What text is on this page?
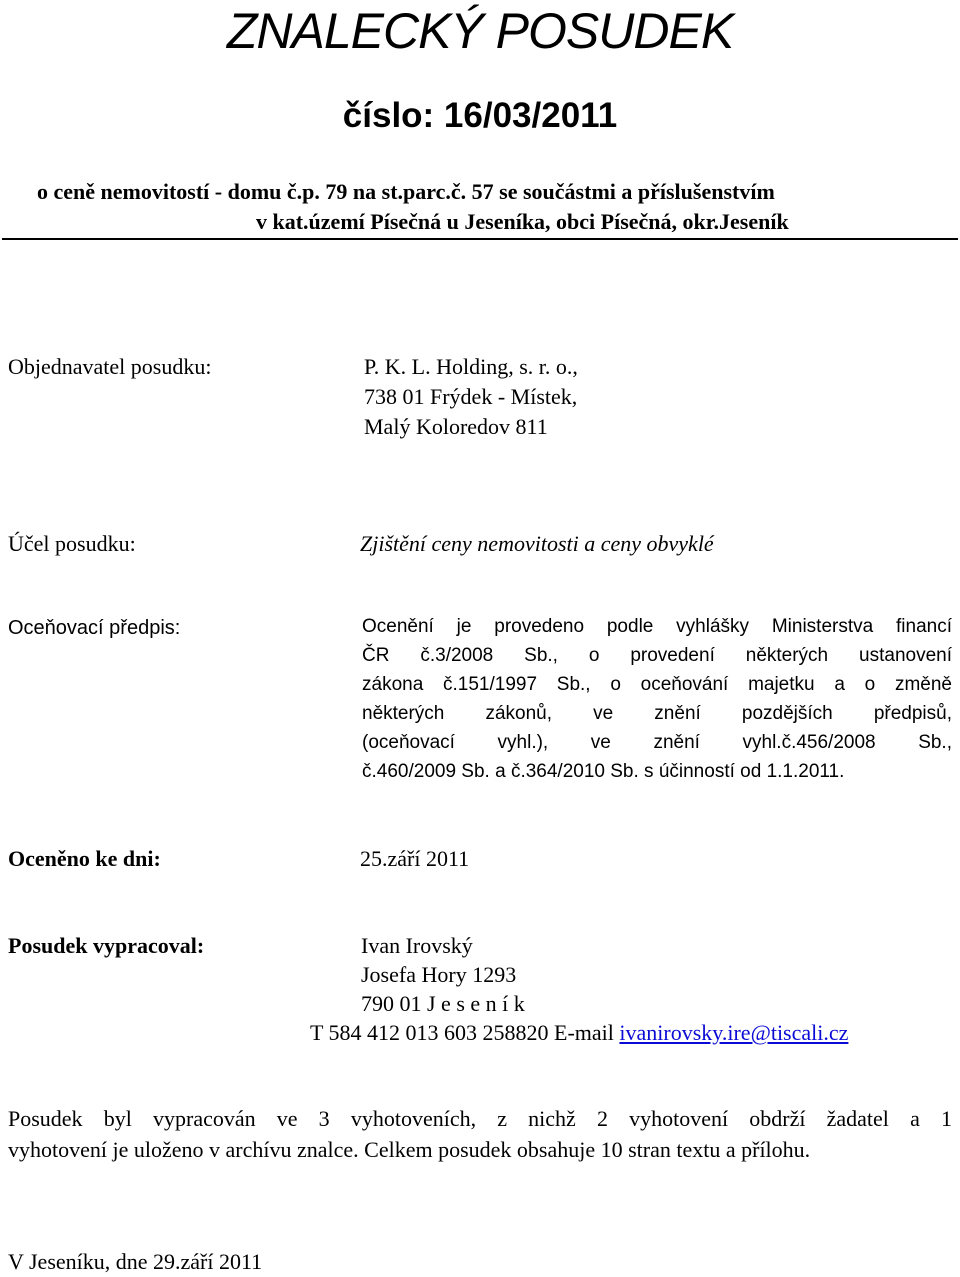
ZNALECKÝ POSUDEK
číslo: 16/03/2011
o ceně nemovitostí - domu č.p. 79 na st.parc.č. 57 se součástmi a příslušenstvím
v kat.území Písečná u Jeseníka, obci Písečná, okr.Jeseník
Objednavatel posudku:	P. K. L. Holding, s. r. o.,
738 01 Frýdek - Místek,
Malý Koloredov 811
Účel posudku:	Zjištění ceny nemovitosti a ceny obvyklé
Oceňovací předpis:	Ocenění je provedeno podle vyhlášky Ministerstva financí
ČR č.3/2008 Sb., o provedení některých ustanovení
zákona č.151/1997 Sb., o oceňování majetku a o změně
některých zákonů, ve znění pozdějších předpisů,
(oceňovací vyhl.), ve znění vyhl.č.456/2008 Sb.,
č.460/2009 Sb. a č.364/2010 Sb. s účinností od 1.1.2011.
Oceněno ke dni:	25.září 2011
Posudek vypracoval:	Ivan Irovský
Josefa Hory 1293
790 01 J e s e n í k
T 584 412 013 603 258820 E-mail ivanirovsky.ire@tiscali.cz
Posudek byl vypracován ve 3 vyhotoveních, z nichž 2 vyhotovení obdrží žadatel a 1
vyhotovení je uloženo v archívu znalce. Celkem posudek obsahuje 10 stran textu a přílohu.
V Jeseníku, dne 29.září 2011
